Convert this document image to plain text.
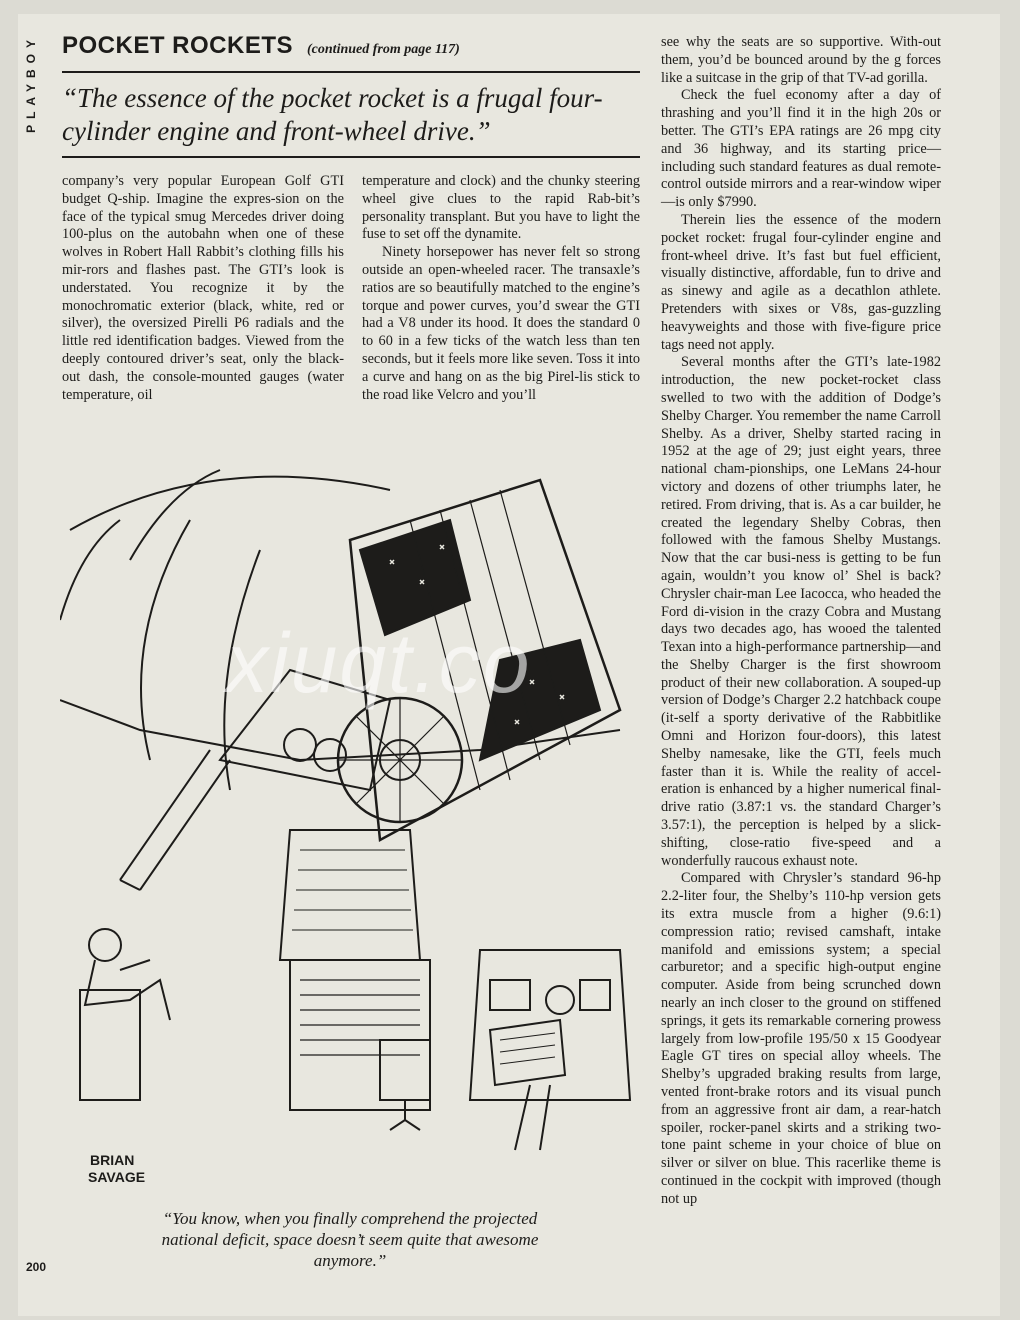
PLAYBOY POCKET ROCKETS (continued from page 117)
“The essence of the pocket rocket is a frugal four-cylinder engine and front-wheel drive.”

company’s very popular European Golf GTI budget Q-ship. Imagine the expres-sion on the face of the typical smug Mercedes driver doing 100-plus on the autobahn when one of these wolves in Robert Hall Rabbit’s clothing fills his mir-rors and flashes past. The GTI’s look is understated. You recognize it by the monochromatic exterior (black, white, red or silver), the oversized Pirelli P6 radials and the little red identification badges. Viewed from the deeply contoured driver’s seat, only the black-out dash, the console-mounted gauges (water temperature, oil

temperature and clock) and the chunky steering wheel give clues to the rapid Rab-bit’s personality transplant. But you have to light the fuse to set off the dynamite.

Ninety horsepower has never felt so strong outside an open-wheeled racer. The transaxle’s ratios are so beautifully matched to the engine’s torque and power curves, you’d swear the GTI had a V8 under its hood. It does the standard 0 to 60 in a few ticks of the watch less than ten seconds, but it feels more like seven. Toss it into a curve and hang on as the big Pirel-lis stick to the road like Velcro and you’ll

see why the seats are so supportive. With-out them, you’d be bounced around by the g forces like a suitcase in the grip of that TV-ad gorilla.

Check the fuel economy after a day of thrashing and you’ll find it in the high 20s or better. The GTI’s EPA ratings are 26 mpg city and 36 highway, and its starting price—including such standard features as dual remote-control outside mirrors and a rear-window wiper—is only $7990.

Therein lies the essence of the modern pocket rocket: frugal four-cylinder engine and front-wheel drive. It’s fast but fuel efficient, visually distinctive, affordable, fun to drive and as sinewy and agile as a decathlon athlete. Pretenders with sixes or V8s, gas-guzzling heavyweights and those with five-figure price tags need not apply.

Several months after the GTI’s late-1982 introduction, the new pocket-rocket class swelled to two with the addition of Dodge’s Shelby Charger. You remember the name Carroll Shelby. As a driver, Shelby started racing in 1952 at the age of 29; just eight years, three national cham-pionships, one LeMans 24-hour victory and dozens of other triumphs later, he retired. From driving, that is. As a car builder, he created the legendary Shelby Cobras, then followed with the famous Shelby Mustangs. Now that the car busi-ness is getting to be fun again, wouldn’t you know ol’ Shel is back? Chrysler chair-man Lee Iacocca, who headed the Ford di-vision in the crazy Cobra and Mustang days two decades ago, has wooed the talented Texan into a high-performance partnership—and the Shelby Charger is the first showroom product of their new collaboration. A souped-up version of Dodge’s Charger 2.2 hatchback coupe (it-self a sporty derivative of the Rabbitlike Omni and Horizon four-doors), this latest Shelby namesake, like the GTI, feels much faster than it is. While the reality of accel-eration is enhanced by a higher numerical final-drive ratio (3.87:1 vs. the standard Charger’s 3.57:1), the perception is helped by a slick-shifting, close-ratio five-speed and a wonderfully raucous exhaust note.

Compared with Chrysler’s standard 96-hp 2.2-liter four, the Shelby’s 110-hp version gets its extra muscle from a higher (9.6:1) compression ratio; revised camshaft, intake manifold and emissions system; a special carburetor; and a specific high-output engine computer. Aside from being scrunched down nearly an inch closer to the ground on stiffened springs, it gets its remarkable cornering prowess largely from low-profile 195/50 x 15 Goodyear Eagle GT tires on special alloy wheels. The Shelby’s upgraded braking results from large, vented front-brake rotors and its visual punch from an aggressive front air dam, a rear-hatch spoiler, rocker-panel skirts and a striking two-tone paint scheme in your choice of blue on silver or silver on blue. This racerlike theme is continued in the cockpit with improved (though not up

BRIAN
SAVAGE
“You know, when you finally comprehend the projected national deficit, space doesn’t seem quite that awesome anymore.”
200
xiuqt.co
